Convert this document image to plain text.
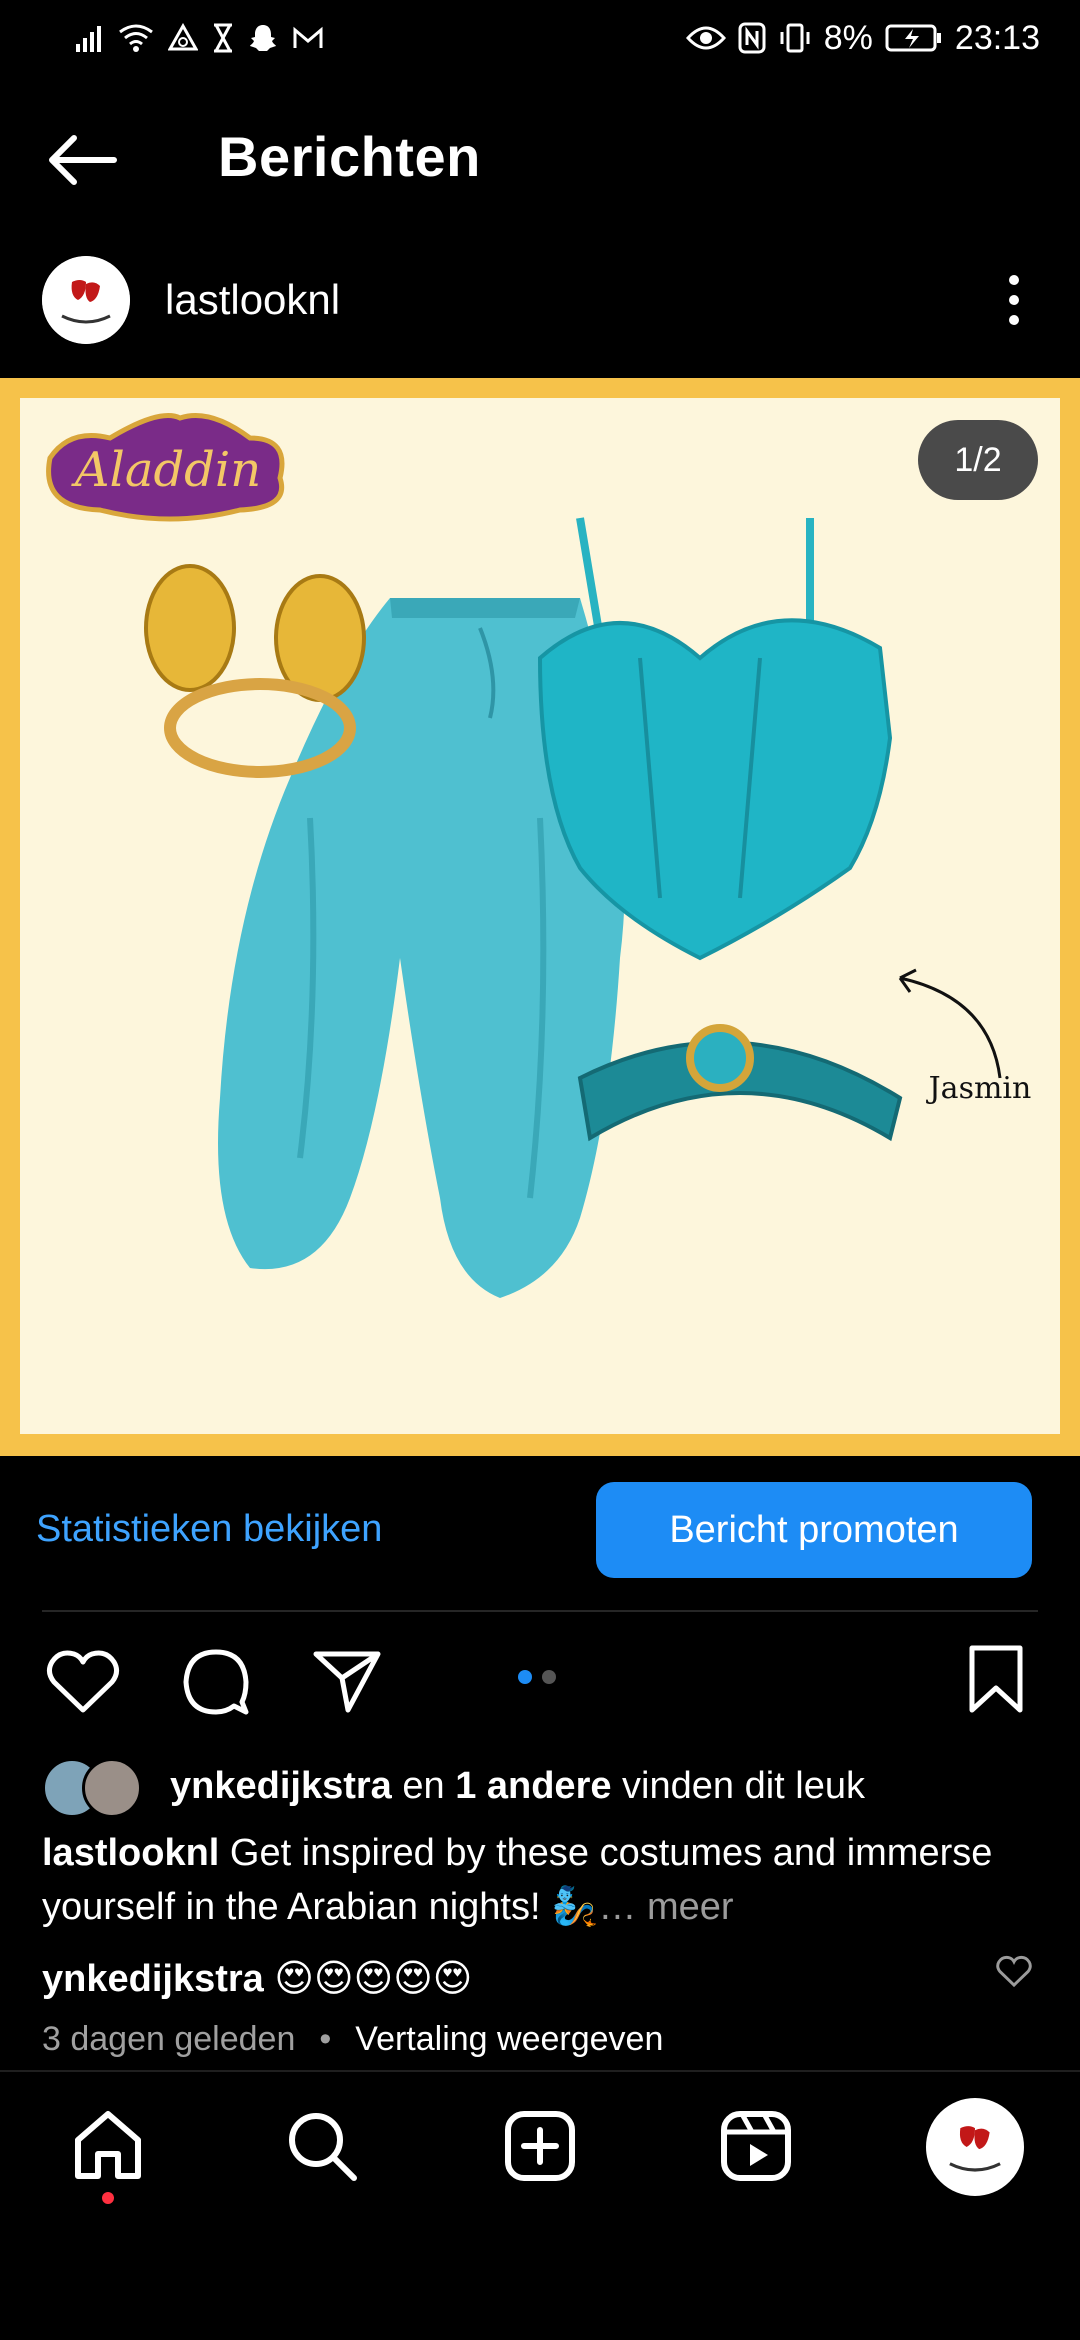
8% 23:13
Berichten
lastlooknl
Aladdin
Jasmin
1/2
Statistieken bekijken	Bericht promoten
ynkedijkstra en 1 andere vinden dit leuk
lastlooknl Get inspired by these costumes and immerse yourself in the Arabian nights! 🧞… meer
ynkedijkstra 😍😍😍😍😍
3 dagen geleden • Vertaling weergeven
